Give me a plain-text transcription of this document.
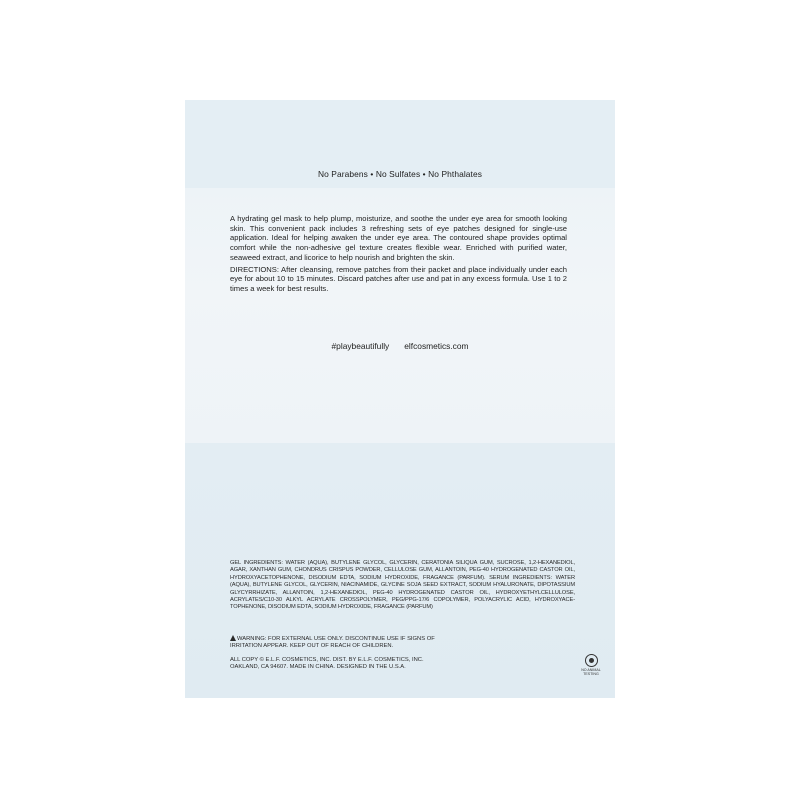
No Parabens • No Sulfates • No Phthalates

A hydrating gel mask to help plump, moisturize, and soothe the under eye area for smooth looking skin. This convenient pack includes 3 refreshing sets of eye patches designed for single-use application. Ideal for helping awaken the under eye area. The contoured shape provides optimal comfort while the non-adhesive gel texture creates flexible wear. Enriched with purified water, seaweed extract, and licorice to help nourish and brighten the skin.

DIRECTIONS: After cleansing, remove patches from their packet and place individually under each eye for about 10 to 15 minutes. Discard patches after use and pat in any excess formula. Use 1 to 2 times a week for best results.

#playbeautifully elfcosmetics.com
GEL INGREDIENTS: WATER (AQUA), BUTYLENE GLYCOL, GLYCERIN, CERATONIA SILIQUA GUM, SUCROSE, 1,2-HEXANEDIOL, AGAR, XANTHAN GUM, CHONDRUS CRISPUS POWDER, CELLULOSE GUM, ALLANTOIN, PEG-40 HYDROGENATED CASTOR OIL, HYDROXYACETOPHENONE, DISODIUM EDTA, SODIUM HYDROXIDE, FRAGANCE (PARFUM). SERUM INGREDIENTS: WATER (AQUA), BUTYLENE GLYCOL, GLYCERIN, NIACINAMIDE, GLYCINE SOJA SEED EXTRACT, SODIUM HYALURONATE, DIPOTASSIUM GLYCYRRHIZATE, ALLANTOIN, 1,2-HEXANEDIOL, PEG-40 HYDROGENATED CASTOR OIL, HYDROXYETHYLCELLULOSE, ACRYLATES/C10-30 ALKYL ACRYLATE CROSSPOLYMER, PEG/PPG-17/6 COPOLYMER, POLYACRYLIC ACID, HYDROXYACE-TOPHENONE, DISODIUM EDTA, SODIUM HYDROXIDE, FRAGANCE (PARFUM)
WARNING: FOR EXTERNAL USE ONLY. DISCONTINUE USE IF SIGNS OF IRRITATION APPEAR. KEEP OUT OF REACH OF CHILDREN.
ALL COPY © E.L.F. COSMETICS, INC. DIST. BY E.L.F. COSMETICS, INC. OAKLAND, CA 94607. MADE IN CHINA. DESIGNED IN THE U.S.A.	NO ANIMAL
TESTING
